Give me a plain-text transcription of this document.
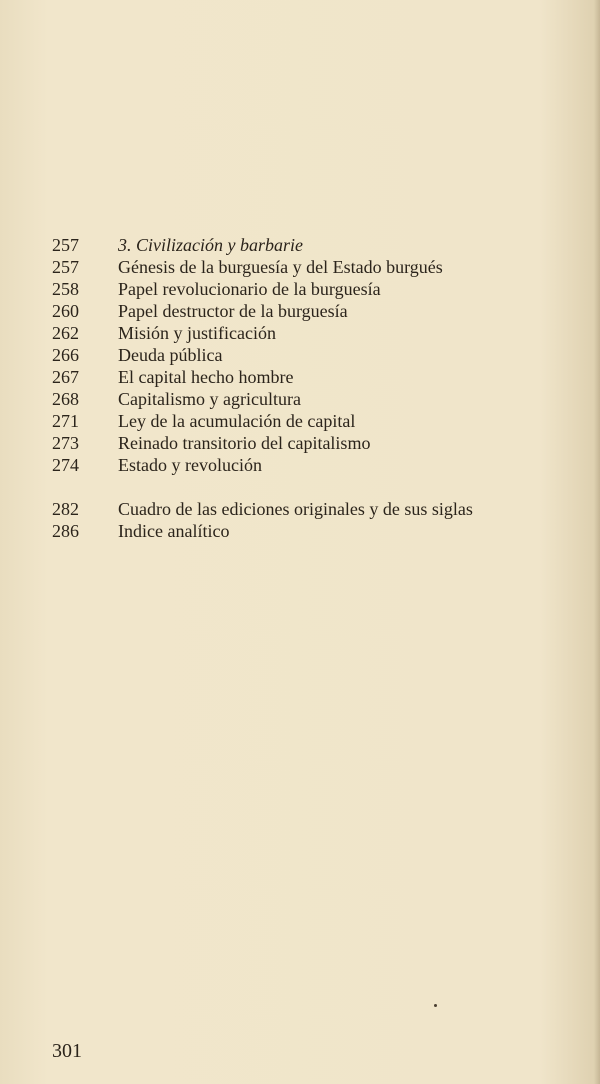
257	3. Civilización y barbarie
257	Génesis de la burguesía y del Estado burgués
258	Papel revolucionario de la burguesía
260	Papel destructor de la burguesía
262	Misión y justificación
266	Deuda pública
267	El capital hecho hombre
268	Capitalismo y agricultura
271	Ley de la acumulación de capital
273	Reinado transitorio del capitalismo
274	Estado y revolución
282	Cuadro de las ediciones originales y de sus siglas
286	Indice analítico
301
